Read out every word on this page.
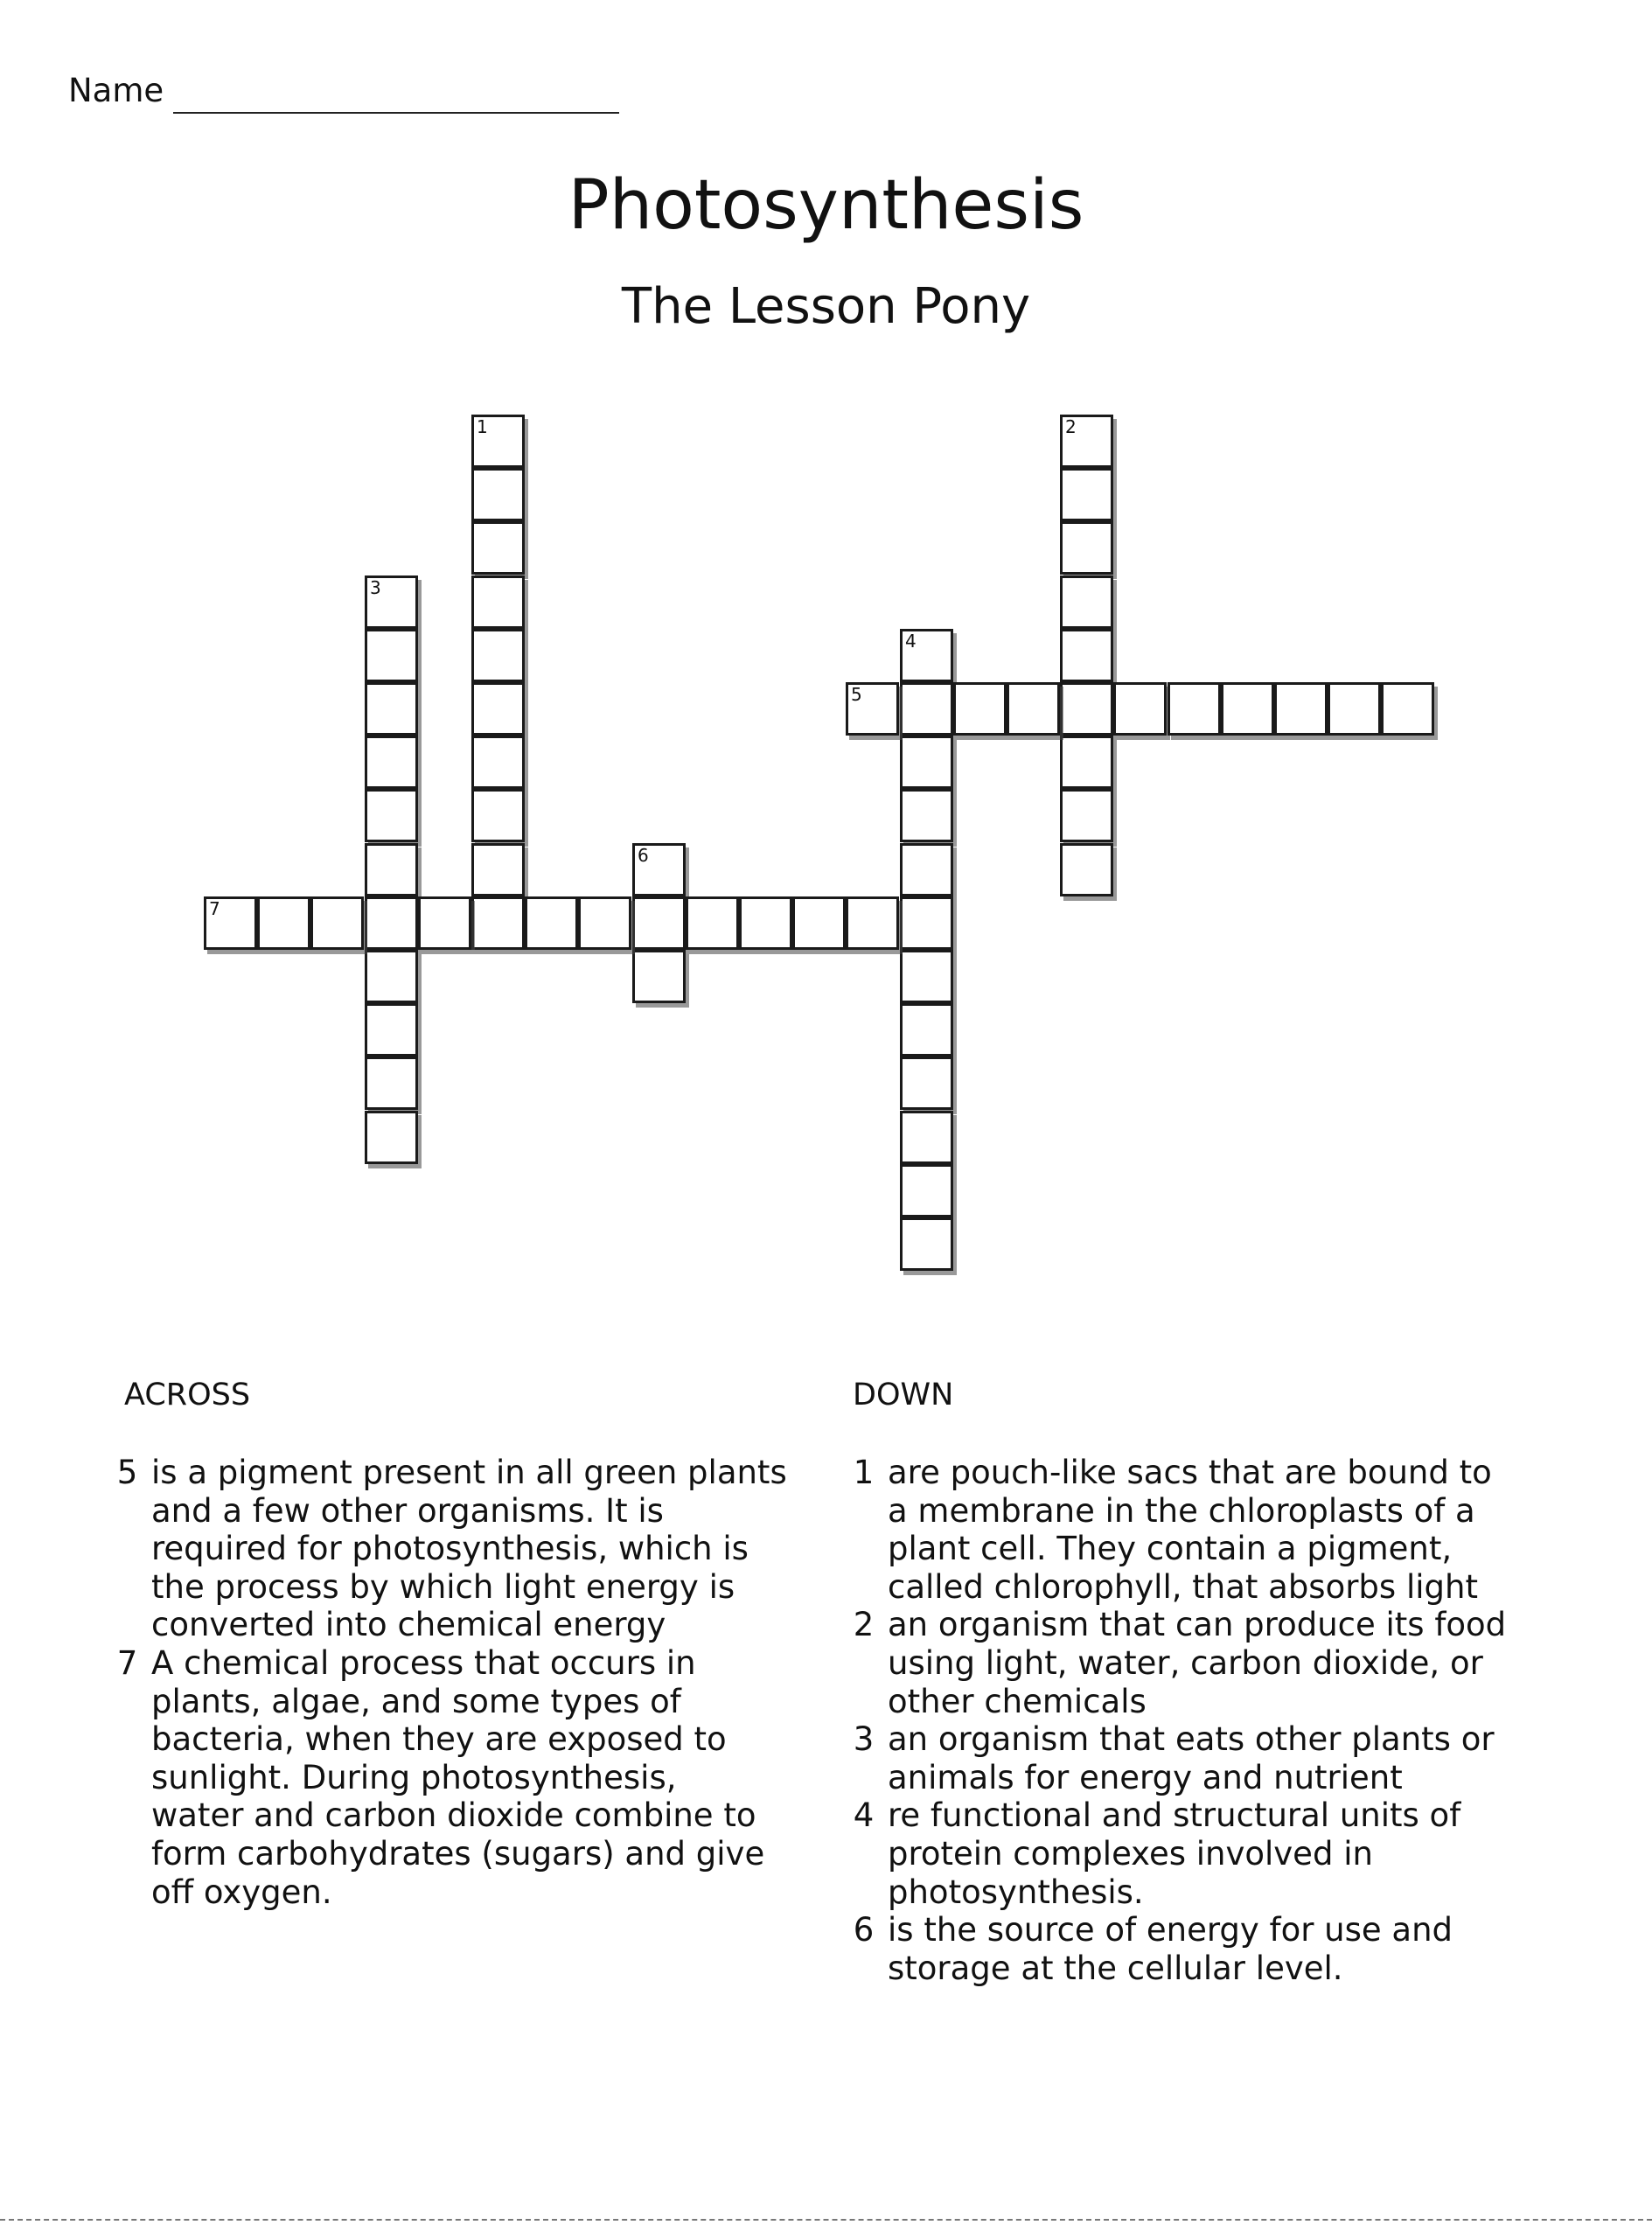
Name
Photosynthesis
The Lesson Pony
1	2
3
4
5
6
7
ACROSS	DOWN
5 is a pigment present in all green plants
and a few other organisms. It is
required for photosynthesis, which is
the process by which light energy is
converted into chemical energy
7 A chemical process that occurs in
plants, algae, and some types of
bacteria, when they are exposed to
sunlight. During photosynthesis,
water and carbon dioxide combine to
form carbohydrates (sugars) and give
off oxygen.
1 are pouch-like sacs that are bound to
a membrane in the chloroplasts of a
plant cell. They contain a pigment,
called chlorophyll, that absorbs light
2 an organism that can produce its food
using light, water, carbon dioxide, or
other chemicals
3 an organism that eats other plants or
animals for energy and nutrient
4 re functional and structural units of
protein complexes involved in
photosynthesis.
6 is the source of energy for use and
storage at the cellular level.
